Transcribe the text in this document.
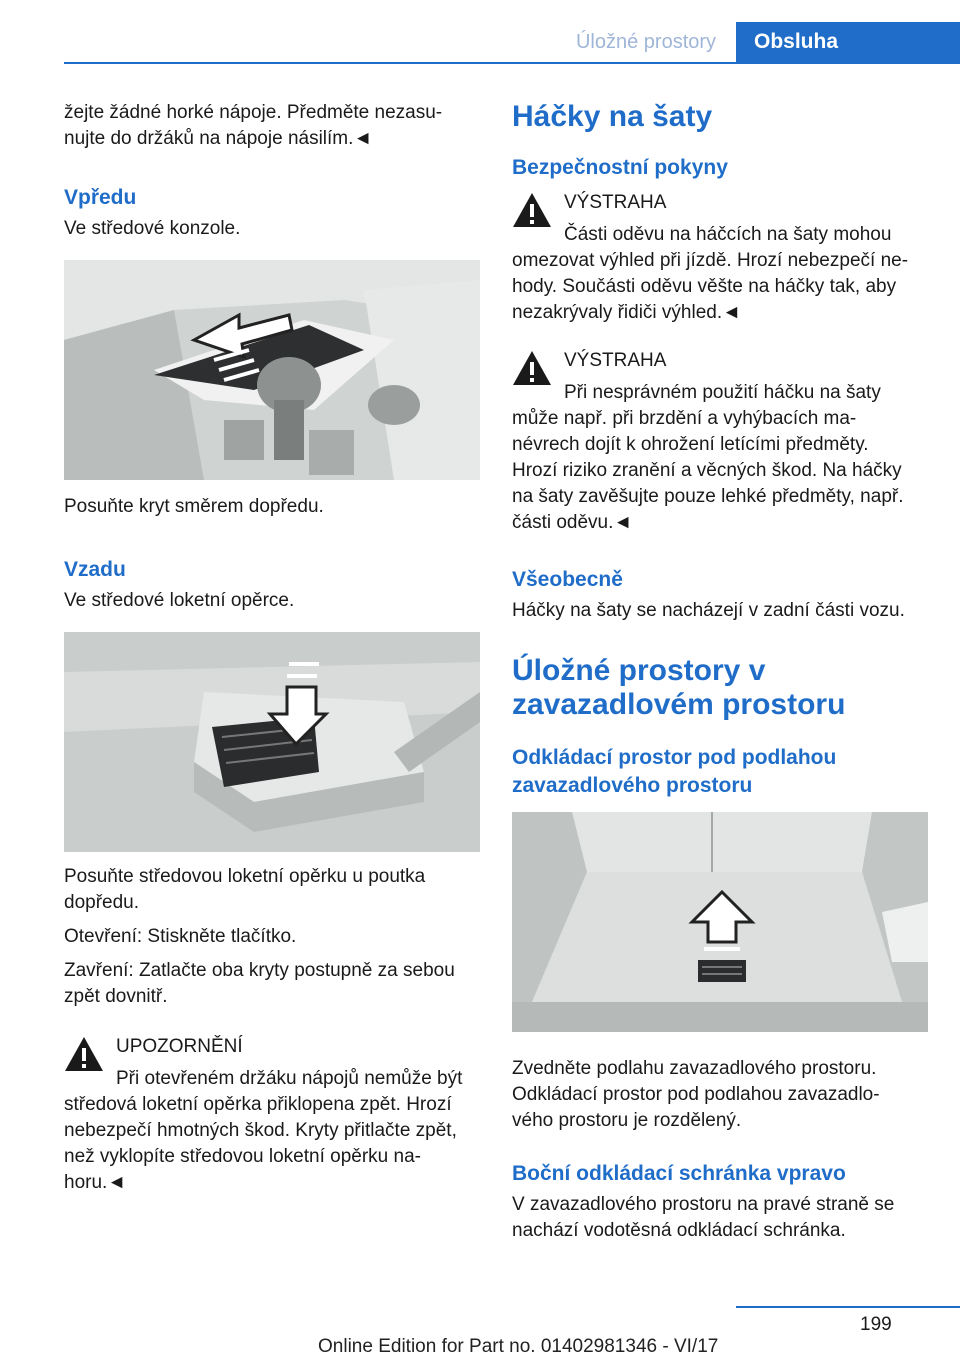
Úložné prostory	Obsluha

žejte žádné horké nápoje. Předměte nezasu-

nujte do držáků na nápoje násilím.◄

Vpředu

Ve středové konzole.

Posuňte kryt směrem dopředu.

Vzadu

Ve středové loketní opěrce.

Posuňte středovou loketní opěrku u poutka

dopředu.

Otevření: Stiskněte tlačítko.

Zavření: Zatlačte oba kryty postupně za sebou

zpět dovnitř.

UPOZORNĚNÍ

Při otevřeném držáku nápojů nemůže být

středová loketní opěrka přiklopena zpět. Hrozí

nebezpečí hmotných škod. Kryty přitlačte zpět,

než vyklopíte středovou loketní opěrku na-

horu.◄

Háčky na šaty

Bezpečnostní pokyny

VÝSTRAHA

Části oděvu na háčcích na šaty mohou

omezovat výhled při jízdě. Hrozí nebezpečí ne-

hody. Součásti oděvu věšte na háčky tak, aby

nezakrývaly řidiči výhled.◄

VÝSTRAHA

Při nesprávném použití háčku na šaty

může např. při brzdění a vyhýbacích ma-

névrech dojít k ohrožení letícími předměty.

Hrozí riziko zranění a věcných škod. Na háčky

na šaty zavěšujte pouze lehké předměty, např.

části oděvu.◄

Všeobecně

Háčky na šaty se nacházejí v zadní části vozu.

Úložné prostory v

zavazadlovém prostoru

Odkládací prostor pod podlahou

zavazadlového prostoru

Zvedněte podlahu zavazadlového prostoru.

Odkládací prostor pod podlahou zavazadlo-

vého prostoru je rozdělený.

Boční odkládací schránka vpravo

V zavazadlového prostoru na pravé straně se

nachází vodotěsná odkládací schránka.

199
Online Edition for Part no. 01402981346 - VI/17
